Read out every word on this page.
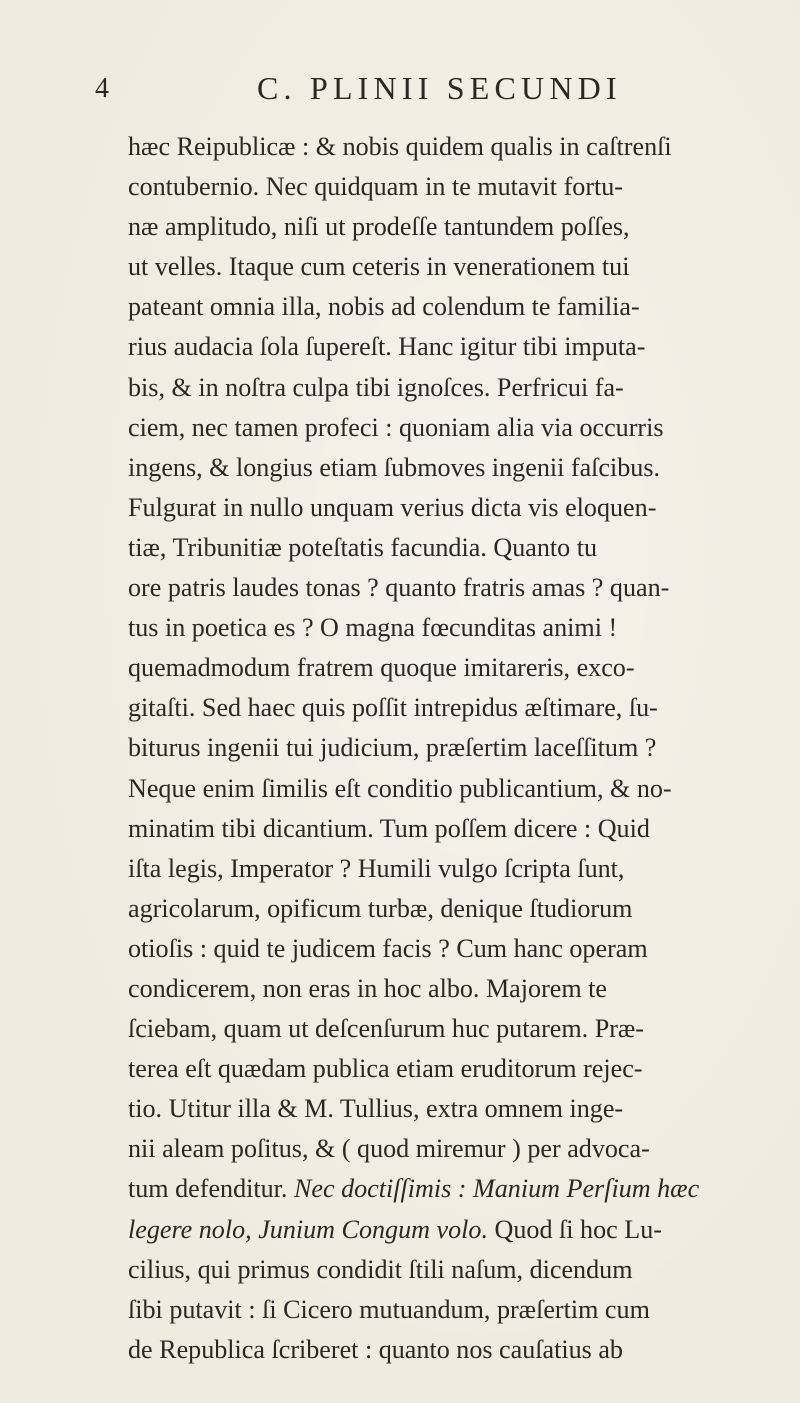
4	C. PLINII SECUNDI
hæc Reipublicæ : & nobis quidem qualis in caſtrenſi
contubernio. Nec quidquam in te mutavit fortu-
næ amplitudo, niſi ut prodeſſe tantundem poſſes,
ut velles. Itaque cum ceteris in venerationem tui
pateant omnia illa, nobis ad colendum te familia-
rius audacia ſola ſupereſt. Hanc igitur tibi imputa-
bis, & in noſtra culpa tibi ignoſces. Perfricui fa-
ciem, nec tamen profeci : quoniam alia via occurris
ingens, & longius etiam ſubmoves ingenii faſcibus.
Fulgurat in nullo unquam verius dicta vis eloquen-
tiæ, Tribunitiæ poteſtatis facundia. Quanto tu
ore patris laudes tonas ? quanto fratris amas ? quan-
tus in poetica es ? O magna fœcunditas animi !
quemadmodum fratrem quoque imitareris, exco-
gitaſti. Sed haec quis poſſit intrepidus æſtimare, ſu-
biturus ingenii tui judicium, præſertim laceſſitum ?
Neque enim ſimilis eſt conditio publicantium, & no-
minatim tibi dicantium. Tum poſſem dicere : Quid
iſta legis, Imperator ? Humili vulgo ſcripta ſunt,
agricolarum, opificum turbæ, denique ſtudiorum
otioſis : quid te judicem facis ? Cum hanc operam
condicerem, non eras in hoc albo. Majorem te
ſciebam, quam ut deſcenſurum huc putarem. Præ-
terea eſt quædam publica etiam eruditorum rejec-
tio. Utitur illa & M. Tullius, extra omnem inge-
nii aleam poſitus, & ( quod miremur ) per advoca-
tum defenditur. Nec doctiſſimis : Manium Perſium hæc
legere nolo, Junium Congum volo. Quod ſi hoc Lu-
cilius, qui primus condidit ſtili naſum, dicendum
ſibi putavit : ſi Cicero mutuandum, præſertim cum
de Republica ſcriberet : quanto nos cauſatius ab
